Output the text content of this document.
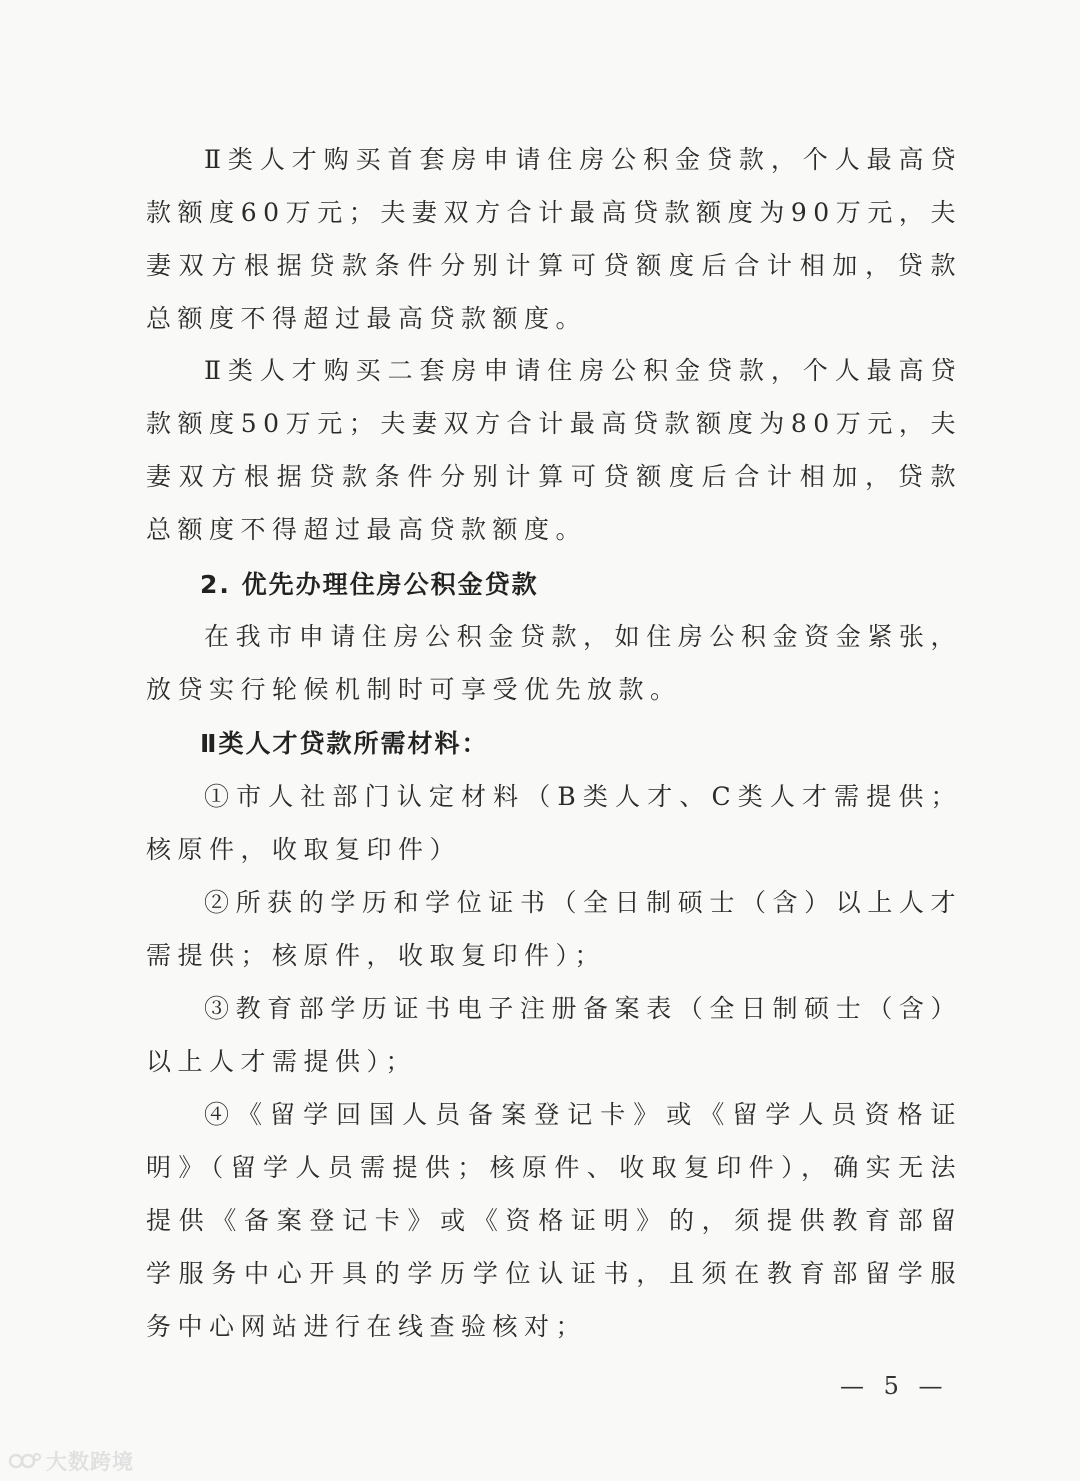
Ⅱ类人才购买首套房申请住房公积金贷款，个人最高贷款额度60万元；夫妻双方合计最高贷款额度为90万元，夫妻双方根据贷款条件分别计算可贷额度后合计相加，贷款总额度不得超过最高贷款额度。

Ⅱ类人才购买二套房申请住房公积金贷款，个人最高贷款额度50万元；夫妻双方合计最高贷款额度为80万元，夫妻双方根据贷款条件分别计算可贷额度后合计相加，贷款总额度不得超过最高贷款额度。

2. 优先办理住房公积金贷款

在我市申请住房公积金贷款，如住房公积金资金紧张，放贷实行轮候机制时可享受优先放款。

Ⅱ类人才贷款所需材料：

①市人社部门认定材料（B类人才、C类人才需提供；核原件，收取复印件）

②所获的学历和学位证书（全日制硕士（含）以上人才需提供；核原件，收取复印件）；

③教育部学历证书电子注册备案表（全日制硕士（含）以上人才需提供）；

④《留学回国人员备案登记卡》或《留学人员资格证明》（留学人员需提供；核原件、收取复印件），确实无法提供《备案登记卡》或《资格证明》的，须提供教育部留学服务中心开具的学历学位认证书，且须在教育部留学服务中心网站进行在线查验核对；

— 5 —
大数跨境
